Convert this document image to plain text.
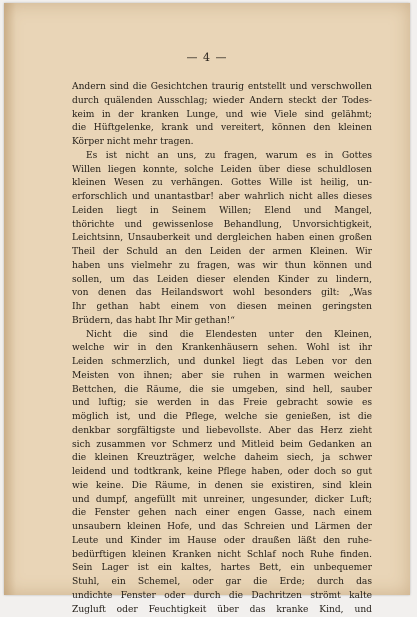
— 4 —
Andern sind die Gesichtchen traurig entstellt und verschwollen
durch quälenden Ausschlag; wieder Andern steckt der Todes-
keim in der kranken Lunge, und wie Viele sind gelähmt;
die Hüftgelenke, krank und vereitert, können den kleinen
Körper nicht mehr tragen.
Es ist nicht an uns, zu fragen, warum es in Gottes
Willen liegen konnte, solche Leiden über diese schuldlosen
kleinen Wesen zu verhängen. Gottes Wille ist heilig, un-
erforschlich und unantastbar! aber wahrlich nicht alles dieses
Leiden liegt in Seinem Willen; Elend und Mangel,
thörichte und gewissenlose Behandlung, Unvorsichtigkeit,
Leichtsinn, Unsauberkeit und dergleichen haben einen großen
Theil der Schuld an den Leiden der armen Kleinen. Wir
haben uns vielmehr zu fragen, was wir thun können und
sollen, um das Leiden dieser elenden Kinder zu lindern,
von denen das Heilandswort wohl besonders gilt: „Was
Ihr gethan habt einem von diesen meinen geringsten
Brüdern, das habt Ihr Mir gethan!“
Nicht die sind die Elendesten unter den Kleinen,
welche wir in den Krankenhäusern sehen. Wohl ist ihr
Leiden schmerzlich, und dunkel liegt das Leben vor den
Meisten von ihnen; aber sie ruhen in warmen weichen
Bettchen, die Räume, die sie umgeben, sind hell, sauber
und luftig; sie werden in das Freie gebracht sowie es
möglich ist, und die Pflege, welche sie genießen, ist die
denkbar sorgfältigste und liebevollste. Aber das Herz zieht
sich zusammen vor Schmerz und Mitleid beim Gedanken an
die kleinen Kreuzträger, welche daheim siech, ja schwer
leidend und todtkrank, keine Pflege haben, oder doch so gut
wie keine. Die Räume, in denen sie existiren, sind klein
und dumpf, angefüllt mit unreiner, ungesunder, dicker Luft;
die Fenster gehen nach einer engen Gasse, nach einem
unsaubern kleinen Hofe, und das Schreien und Lärmen der
Leute und Kinder im Hause oder draußen läßt den ruhe-
bedürftigen kleinen Kranken nicht Schlaf noch Ruhe finden.
Sein Lager ist ein kaltes, hartes Bett, ein unbequemer
Stuhl, ein Schemel, oder gar die Erde; durch das
undichte Fenster oder durch die Dachritzen strömt kalte
Zugluft oder Feuchtigkeit über das kranke Kind, und
